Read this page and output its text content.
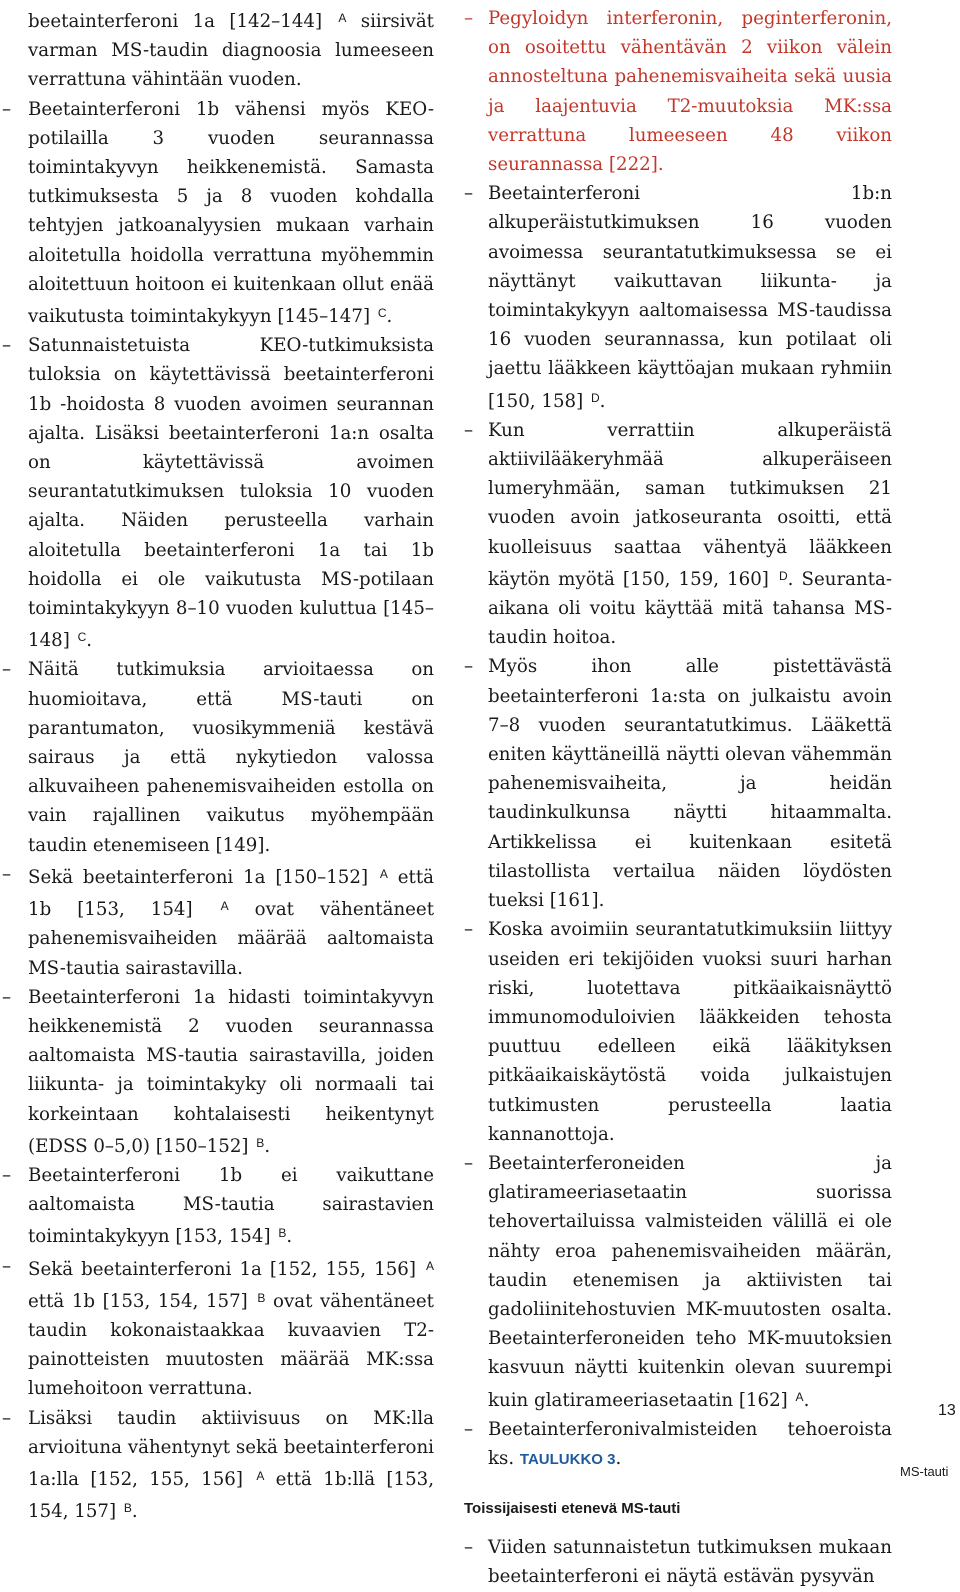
beetainterferoni 1a [142–144] $^A$ siirsivät varman MS-taudin diagnoosia lumeeseen verrattuna vähintään vuoden.
– Beetainterferoni 1b vähensi myös KEO-potilailla 3 vuoden seurannassa toimintakyvyn heikkenemistä. Samasta tutkimuksesta 5 ja 8 vuoden kohdalla tehtyjen jatkoanalyysien mukaan varhain aloitetulla hoidolla verrattuna myöhemmin aloitettuun hoitoon ei kuitenkaan ollut enää vaikutusta toimintakykyyn [145–147] $^C$.
– Satunnaistetuista KEO-tutkimuksista tuloksia on käytettävissä beetainterferoni 1b -hoidosta 8 vuoden avoimen seurannan ajalta. Lisäksi beetainterferoni 1a:n osalta on käytettävissä avoimen seurantatutkimuksen tuloksia 10 vuoden ajalta. Näiden perusteella varhain aloitetulla beetainterferoni 1a tai 1b hoidolla ei ole vaikutusta MS-potilaan toimintakykyyn 8–10 vuoden kuluttua [145–148] $^C$.
– Näitä tutkimuksia arvioitaessa on huomioitava, että MS-tauti on parantumaton, vuosikymmeniä kestävä sairaus ja että nykytiedon valossa alkuvaiheen pahenemisvaiheiden estolla on vain rajallinen vaikutus myöhempään taudin etenemiseen [149].
– Sekä beetainterferoni 1a [150–152] $^A$ että 1b [153, 154] $^A$ ovat vähentäneet pahenemisvaiheiden määrää aaltomaista MS-tautia sairastavilla.
– Beetainterferoni 1a hidasti toimintakyvyn heikkenemistä 2 vuoden seurannassa aaltomaista MS-tautia sairastavilla, joiden liikunta- ja toimintakyky oli normaali tai korkeintaan kohtalaisesti heikentynyt (EDSS 0–5,0) [150–152] $^B$.
– Beetainterferoni 1b ei vaikuttane aaltomaista MS-tautia sairastavien toimintakykyyn [153, 154] $^B$.
– Sekä beetainterferoni 1a [152, 155, 156] $^A$ että 1b [153, 154, 157] $^B$ ovat vähentäneet taudin kokonaistaakkaa kuvaavien T2-painotteisten muutosten määrää MK:ssa lumehoitoon verrattuna.
– Lisäksi taudin aktiivisuus on MK:lla arvioituna vähentynyt sekä beetainterferoni 1a:lla [152, 155, 156] $^A$ että 1b:llä [153, 154, 157] $^B$.
– Pegyloidyn interferonin, peginterferonin, on osoitettu vähentävän 2 viikon välein annosteltuna pahenemisvaiheita sekä uusia ja laajentuvia T2-muutoksia MK:ssa verrattuna lumeeseen 48 viikon seurannassa [222].
– Beetainterferoni 1b:n alkuperäistutkimuksen 16 vuoden avoimessa seurantatutkimuksessa se ei näyttänyt vaikuttavan liikunta- ja toimintakykyyn aaltomaisessa MS-taudissa 16 vuoden seurannassa, kun potilaat oli jaettu lääkkeen käyttöajan mukaan ryhmiin [150, 158] $^D$.
– Kun verrattiin alkuperäistä aktiivilääkeryhmää alkuperäiseen lumeryhmään, saman tutkimuksen 21 vuoden avoin jatkoseuranta osoitti, että kuolleisuus saattaa vähentyä lääkkeen käytön myötä [150, 159, 160] $^D$. Seuranta-aikana oli voitu käyttää mitä tahansa MS-taudin hoitoa.
– Myös ihon alle pistettävästä beetainterferoni 1a:sta on julkaistu avoin 7–8 vuoden seurantatutkimus. Lääkettä eniten käyttäneillä näytti olevan vähemmän pahenemisvaiheita, ja heidän taudinkulkunsa näytti hitaammalta. Artikkelissa ei kuitenkaan esitetä tilastollista vertailua näiden löydösten tueksi [161].
– Koska avoimiin seurantatutkimuksiin liittyy useiden eri tekijöiden vuoksi suuri harhan riski, luotettava pitkäaikaisnäyttö immunomoduloivien lääkkeiden tehosta puuttuu edelleen eikä lääkityksen pitkäaikaiskäytöstä voida julkaistujen tutkimusten perusteella laatia kannanottoja.
– Beetainterferoneiden ja glatirameeriasetaatin suorissa tehovertailuissa valmisteiden välillä ei ole nähty eroa pahenemisvaiheiden määrän, taudin etenemisen ja aktiivisten tai gadoliinitehostuvien MK-muutosten osalta. Beetainterferoneiden teho MK-muutoksien kasvuun näytti kuitenkin olevan suurempi kuin glatirameeriasetaatin [162] $^A$.
– Beetainterferonivalmisteiden tehoeroista ks. TAULUKKO 3.
Toissijaisesti etenevä MS-tauti
– Viiden satunnaistetun tutkimuksen mukaan beetainterferoni ei näytä estävän pysyvän
13
MS-tauti
